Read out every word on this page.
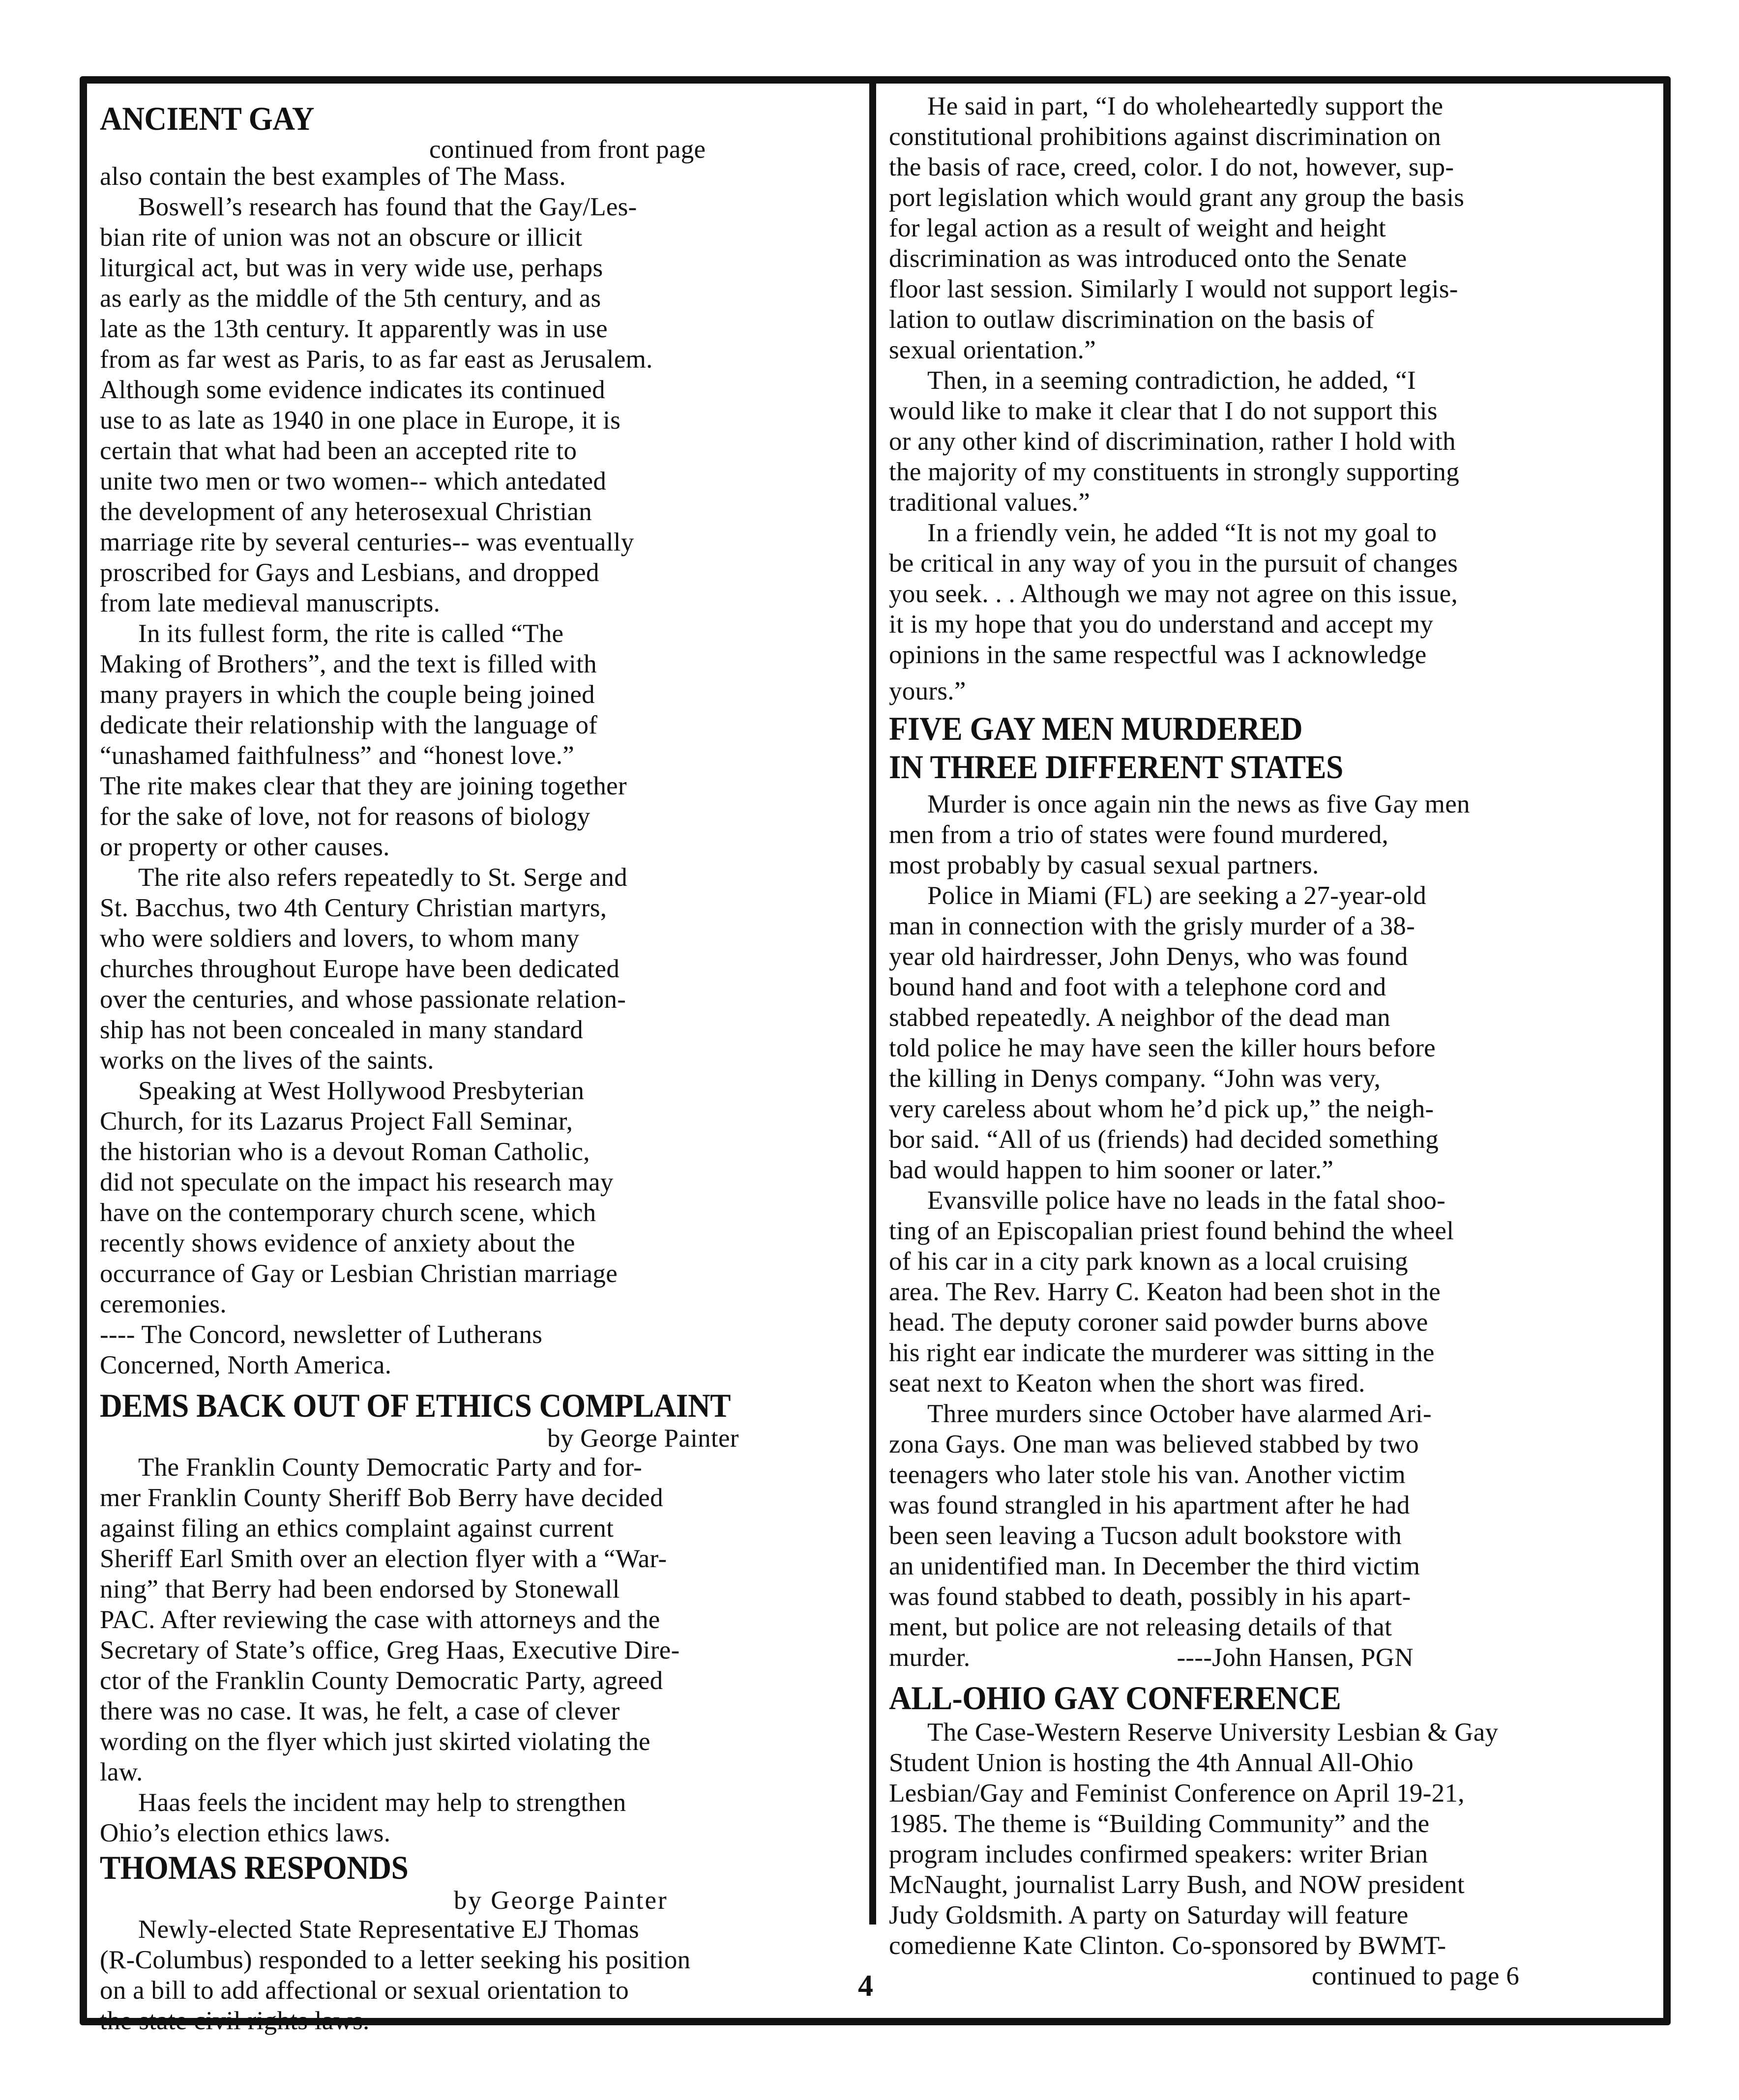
ANCIENT GAY
continued from front page
also contain the best examples of The Mass.
Boswell’s research has found that the Gay/Les-
bian rite of union was not an obscure or illicit
liturgical act, but was in very wide use, perhaps
as early as the middle of the 5th century, and as
late as the 13th century. It apparently was in use
from as far west as Paris, to as far east as Jerusalem.
Although some evidence indicates its continued
use to as late as 1940 in one place in Europe, it is
certain that what had been an accepted rite to
unite two men or two women-- which antedated
the development of any heterosexual Christian
marriage rite by several centuries-- was eventually
proscribed for Gays and Lesbians, and dropped
from late medieval manuscripts.
In its fullest form, the rite is called “The
Making of Brothers”, and the text is filled with
many prayers in which the couple being joined
dedicate their relationship with the language of
“unashamed faithfulness” and “honest love.”
The rite makes clear that they are joining together
for the sake of love, not for reasons of biology
or property or other causes.
The rite also refers repeatedly to St. Serge and
St. Bacchus, two 4th Century Christian martyrs,
who were soldiers and lovers, to whom many
churches throughout Europe have been dedicated
over the centuries, and whose passionate relation-
ship has not been concealed in many standard
works on the lives of the saints.
Speaking at West Hollywood Presbyterian
Church, for its Lazarus Project Fall Seminar,
the historian who is a devout Roman Catholic,
did not speculate on the impact his research may
have on the contemporary church scene, which
recently shows evidence of anxiety about the
occurrance of Gay or Lesbian Christian marriage
ceremonies.
---- The Concord, newsletter of Lutherans
Concerned, North America.
DEMS BACK OUT OF ETHICS COMPLAINT
by George Painter
The Franklin County Democratic Party and for-
mer Franklin County Sheriff Bob Berry have decided
against filing an ethics complaint against current
Sheriff Earl Smith over an election flyer with a “War-
ning” that Berry had been endorsed by Stonewall
PAC. After reviewing the case with attorneys and the
Secretary of State’s office, Greg Haas, Executive Dire-
ctor of the Franklin County Democratic Party, agreed
there was no case. It was, he felt, a case of clever
wording on the flyer which just skirted violating the
law.
Haas feels the incident may help to strengthen
Ohio’s election ethics laws.
THOMAS RESPONDS
by George Painter
Newly-elected State Representative EJ Thomas
(R-Columbus) responded to a letter seeking his position
on a bill to add affectional or sexual orientation to
the state civil rights laws.
He said in part, “I do wholeheartedly support the
constitutional prohibitions against discrimination on
the basis of race, creed, color. I do not, however, sup-
port legislation which would grant any group the basis
for legal action as a result of weight and height
discrimination as was introduced onto the Senate
floor last session. Similarly I would not support legis-
lation to outlaw discrimination on the basis of
sexual orientation.”
Then, in a seeming contradiction, he added, “I
would like to make it clear that I do not support this
or any other kind of discrimination, rather I hold with
the majority of my constituents in strongly supporting
traditional values.”
In a friendly vein, he added “It is not my goal to
be critical in any way of you in the pursuit of changes
you seek. . . Although we may not agree on this issue,
it is my hope that you do understand and accept my
opinions in the same respectful was I acknowledge
yours.”
FIVE GAY MEN MURDERED
IN THREE DIFFERENT STATES
Murder is once again nin the news as five Gay men
men from a trio of states were found murdered,
most probably by casual sexual partners.
Police in Miami (FL) are seeking a 27-year-old
man in connection with the grisly murder of a 38-
year old hairdresser, John Denys, who was found
bound hand and foot with a telephone cord and
stabbed repeatedly. A neighbor of the dead man
told police he may have seen the killer hours before
the killing in Denys company. “John was very,
very careless about whom he’d pick up,” the neigh-
bor said. “All of us (friends) had decided something
bad would happen to him sooner or later.”
Evansville police have no leads in the fatal shoo-
ting of an Episcopalian priest found behind the wheel
of his car in a city park known as a local cruising
area. The Rev. Harry C. Keaton had been shot in the
head. The deputy coroner said powder burns above
his right ear indicate the murderer was sitting in the
seat next to Keaton when the short was fired.
Three murders since October have alarmed Ari-
zona Gays. One man was believed stabbed by two
teenagers who later stole his van. Another victim
was found strangled in his apartment after he had
been seen leaving a Tucson adult bookstore with
an unidentified man. In December the third victim
was found stabbed to death, possibly in his apart-
ment, but police are not releasing details of that
murder.	----John Hansen, PGN
ALL-OHIO GAY CONFERENCE
The Case-Western Reserve University Lesbian & Gay
Student Union is hosting the 4th Annual All-Ohio
Lesbian/Gay and Feminist Conference on April 19-21,
1985. The theme is “Building Community” and the
program includes confirmed speakers: writer Brian
McNaught, journalist Larry Bush, and NOW president
Judy Goldsmith. A party on Saturday will feature
comedienne Kate Clinton. Co-sponsored by BWMT-
continued to page 6
4
